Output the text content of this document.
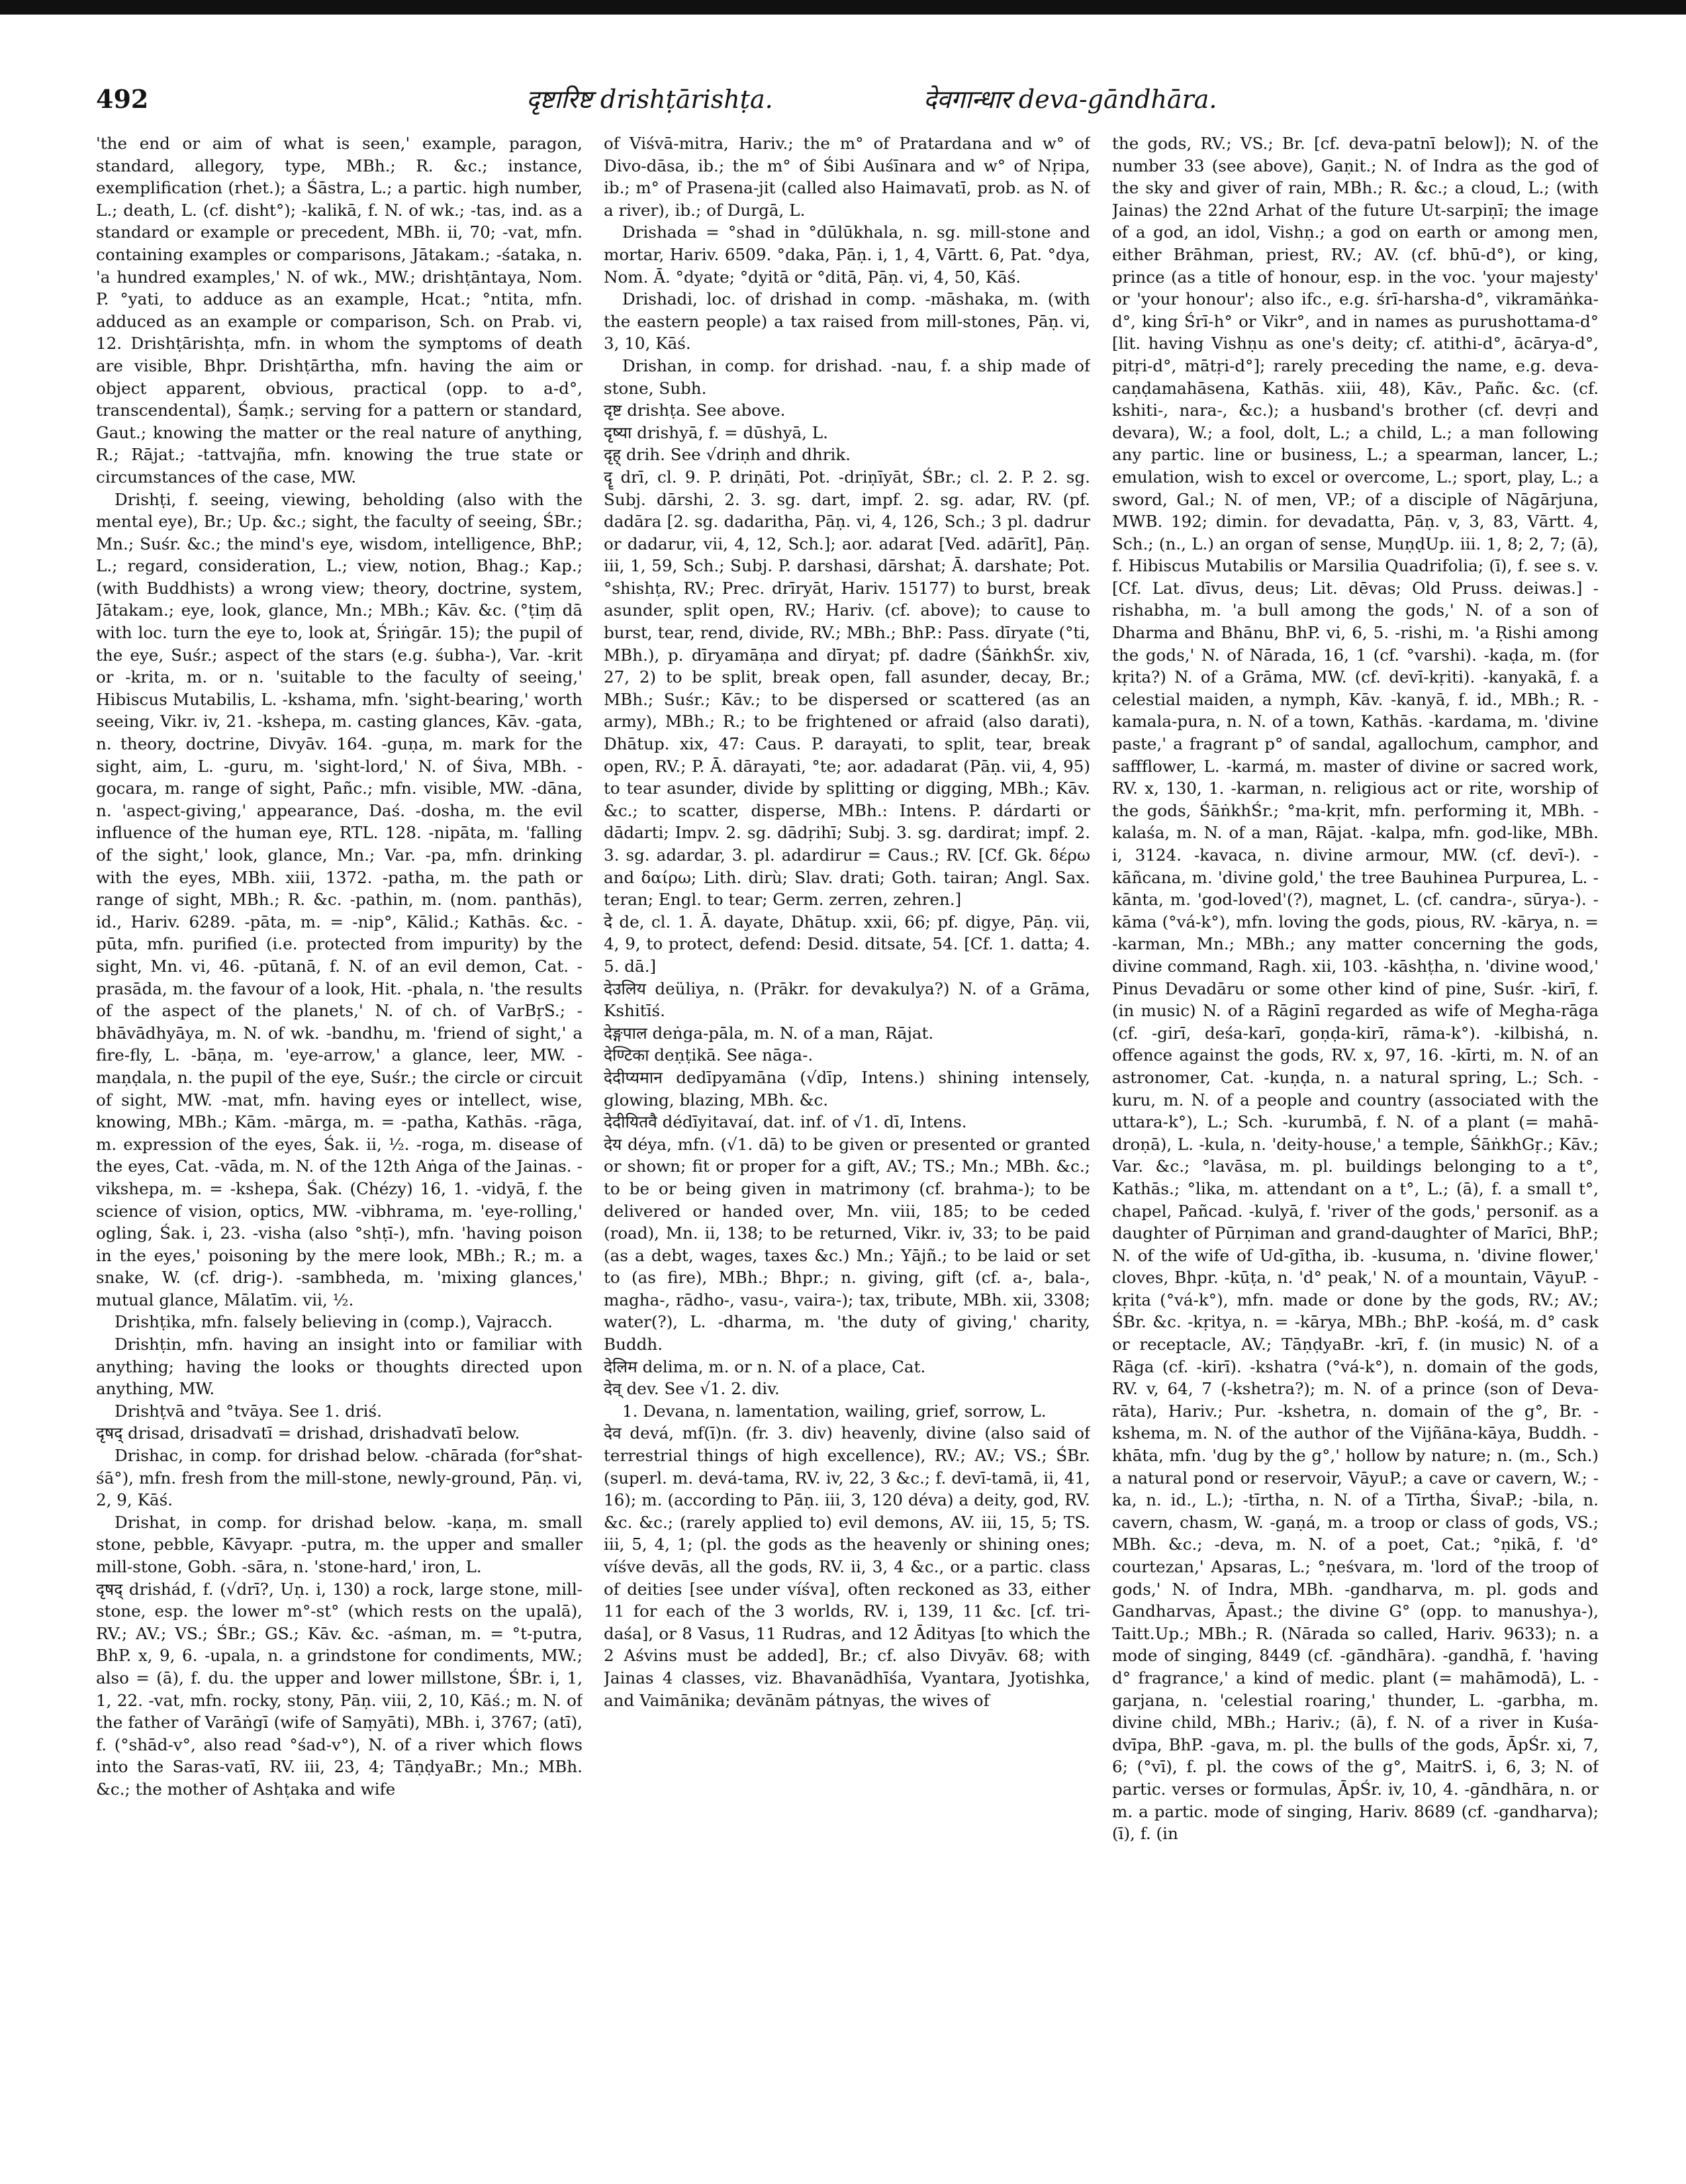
492	दृष्टारिष्ट drishṭārishṭa.	देवगान्धार deva-gāndhāra.

'the end or aim of what is seen,' example, paragon, standard, allegory, type, MBh.; R. &c.; instance, exemplification (rhet.); a Śāstra, L.; a partic. high number, L.; death, L. (cf. disht°); -kalikā, f. N. of wk.; -tas, ind. as a standard or example or precedent, MBh. ii, 70; -vat, mfn. containing examples or comparisons, Jātakam.; -śataka, n. 'a hundred examples,' N. of wk., MW.; drishṭāntaya, Nom. P. °yati, to adduce as an example, Hcat.; °ntita, mfn. adduced as an example or comparison, Sch. on Prab. vi, 12. Drishṭārishṭa, mfn. in whom the symptoms of death are visible, Bhpr. Drishṭārtha, mfn. having the aim or object apparent, obvious, practical (opp. to a-d°, transcendental), Śaṃk.; serving for a pattern or standard, Gaut.; knowing the matter or the real nature of anything, R.; Rājat.; -tattvajña, mfn. knowing the true state or circumstances of the case, MW.

Drishṭi, f. seeing, viewing, beholding (also with the mental eye), Br.; Up. &c.; sight, the faculty of seeing, ŚBr.; Mn.; Suśr. &c.; the mind's eye, wisdom, intelligence, BhP.; L.; regard, consideration, L.; view, notion, Bhag.; Kap.; (with Buddhists) a wrong view; theory, doctrine, system, Jātakam.; eye, look, glance, Mn.; MBh.; Kāv. &c. (°ṭiṃ dā with loc. turn the eye to, look at, Śṛiṅgār. 15); the pupil of the eye, Suśr.; aspect of the stars (e.g. śubha-), Var. -krit or -krita, m. or n. 'suitable to the faculty of seeing,' Hibiscus Mutabilis, L. -kshama, mfn. 'sight-bearing,' worth seeing, Vikr. iv, 21. -kshepa, m. casting glances, Kāv. -gata, n. theory, doctrine, Divyāv. 164. -guṇa, m. mark for the sight, aim, L. -guru, m. 'sight-lord,' N. of Śiva, MBh. -gocara, m. range of sight, Pañc.; mfn. visible, MW. -dāna, n. 'aspect-giving,' appearance, Daś. -dosha, m. the evil influence of the human eye, RTL. 128. -nipāta, m. 'falling of the sight,' look, glance, Mn.; Var. -pa, mfn. drinking with the eyes, MBh. xiii, 1372. -patha, m. the path or range of sight, MBh.; R. &c. -pathin, m. (nom. panthās), id., Hariv. 6289. -pāta, m. = -nip°, Kālid.; Kathās. &c. -pūta, mfn. purified (i.e. protected from impurity) by the sight, Mn. vi, 46. -pūtanā, f. N. of an evil demon, Cat. -prasāda, m. the favour of a look, Hit. -phala, n. 'the results of the aspect of the planets,' N. of ch. of VarBṛS.; -bhāvādhyāya, m. N. of wk. -bandhu, m. 'friend of sight,' a fire-fly, L. -bāṇa, m. 'eye-arrow,' a glance, leer, MW. -maṇḍala, n. the pupil of the eye, Suśr.; the circle or circuit of sight, MW. -mat, mfn. having eyes or intellect, wise, knowing, MBh.; Kām. -mārga, m. = -patha, Kathās. -rāga, m. expression of the eyes, Śak. ii, ½. -roga, m. disease of the eyes, Cat. -vāda, m. N. of the 12th Aṅga of the Jainas. -vikshepa, m. = -kshepa, Śak. (Chézy) 16, 1. -vidyā, f. the science of vision, optics, MW. -vibhrama, m. 'eye-rolling,' ogling, Śak. i, 23. -visha (also °shṭī-), mfn. 'having poison in the eyes,' poisoning by the mere look, MBh.; R.; m. a snake, W. (cf. drig-). -sambheda, m. 'mixing glances,' mutual glance, Mālatīm. vii, ½.

Drishṭika, mfn. falsely believing in (comp.), Vajracch.

Drishṭin, mfn. having an insight into or familiar with anything; having the looks or thoughts directed upon anything, MW.

Drishṭvā and °tvāya. See 1. driś.

दृषद् drisad, drisadvatī = drishad, drishadvatī below.

Drishac, in comp. for drishad below. -chārada (for°shat-śā°), mfn. fresh from the mill-stone, newly-ground, Pāṇ. vi, 2, 9, Kāś.

Drishat, in comp. for drishad below. -kaṇa, m. small stone, pebble, Kāvyapr. -putra, m. the upper and smaller mill-stone, Gobh. -sāra, n. 'stone-hard,' iron, L.

दृषद् drishád, f. (√drī?, Uṇ. i, 130) a rock, large stone, mill-stone, esp. the lower m°-st° (which rests on the upalā), RV.; AV.; VS.; ŚBr.; GS.; Kāv. &c. -aśman, m. = °t-putra, BhP. x, 9, 6. -upala, n. a grindstone for condiments, MW.; also = (ā), f. du. the upper and lower millstone, ŚBr. i, 1, 1, 22. -vat, mfn. rocky, stony, Pāṇ. viii, 2, 10, Kāś.; m. N. of the father of Varāṅgī (wife of Saṃyāti), MBh. i, 3767; (atī), f. (°shād-v°, also read °śad-v°), N. of a river which flows into the Saras-vatī, RV. iii, 23, 4; TāṇḍyaBr.; Mn.; MBh. &c.; the mother of Ashṭaka and wife

of Viśvā-mitra, Hariv.; the m° of Pratardana and w° of Divo-dāsa, ib.; the m° of Śibi Auśīnara and w° of Nṛipa, ib.; m° of Prasena-jit (called also Haimavatī, prob. as N. of a river), ib.; of Durgā, L.

Drishada = °shad in °dūlūkhala, n. sg. mill-stone and mortar, Hariv. 6509. °daka, Pāṇ. i, 1, 4, Vārtt. 6, Pat. °dya, Nom. Ā. °dyate; °dyitā or °ditā, Pāṇ. vi, 4, 50, Kāś.

Drishadi, loc. of drishad in comp. -māshaka, m. (with the eastern people) a tax raised from mill-stones, Pāṇ. vi, 3, 10, Kāś.

Drishan, in comp. for drishad. -nau, f. a ship made of stone, Subh.

दृष्ट drishṭa. See above.

दृष्या drishyā, f. = dūshyā, L.

दृह् drih. See √driṇh and dhrik.

दॄ drī, cl. 9. P. driṇāti, Pot. -driṇīyāt, ŚBr.; cl. 2. P. 2. sg. Subj. dārshi, 2. 3. sg. dart, impf. 2. sg. adar, RV. (pf. dadāra [2. sg. dadaritha, Pāṇ. vi, 4, 126, Sch.; 3 pl. dadrur or dadarur, vii, 4, 12, Sch.]; aor. adarat [Ved. adārīt], Pāṇ. iii, 1, 59, Sch.; Subj. P. darshasi, dārshat; Ā. darshate; Pot. °shishṭa, RV.; Prec. drīryāt, Hariv. 15177) to burst, break asunder, split open, RV.; Hariv. (cf. above); to cause to burst, tear, rend, divide, RV.; MBh.; BhP.: Pass. dīryate (°ti, MBh.), p. dīryamāṇa and dīryat; pf. dadre (ŚāṅkhŚr. xiv, 27, 2) to be split, break open, fall asunder, decay, Br.; MBh.; Suśr.; Kāv.; to be dispersed or scattered (as an army), MBh.; R.; to be frightened or afraid (also darati), Dhātup. xix, 47: Caus. P. darayati, to split, tear, break open, RV.; P. Ā. dārayati, °te; aor. adadarat (Pāṇ. vii, 4, 95) to tear asunder, divide by splitting or digging, MBh.; Kāv. &c.; to scatter, disperse, MBh.: Intens. P. dárdarti or dādarti; Impv. 2. sg. dādṛihī; Subj. 3. sg. dardirat; impf. 2. 3. sg. adardar, 3. pl. adardirur = Caus.; RV. [Cf. Gk. δέρω and δαίρω; Lith. dirù; Slav. drati; Goth. tairan; Angl. Sax. teran; Engl. to tear; Germ. zerren, zehren.]

दे de, cl. 1. Ā. dayate, Dhātup. xxii, 66; pf. digye, Pāṇ. vii, 4, 9, to protect, defend: Desid. ditsate, 54. [Cf. 1. datta; 4. 5. dā.]

देउलिय deüliya, n. (Prākr. for devakulya?) N. of a Grāma, Kshitīś.

देङ्गपाल deṅga-pāla, m. N. of a man, Rājat.

देण्टिका deṇṭikā. See nāga-.

देदीप्यमान dedīpyamāna (√dīp, Intens.) shining intensely, glowing, blazing, MBh. &c.

देदीयितवै dédīyitavaí, dat. inf. of √1. dī, Intens.

देय déya, mfn. (√1. dā) to be given or presented or granted or shown; fit or proper for a gift, AV.; TS.; Mn.; MBh. &c.; to be or being given in matrimony (cf. brahma-); to be delivered or handed over, Mn. viii, 185; to be ceded (road), Mn. ii, 138; to be returned, Vikr. iv, 33; to be paid (as a debt, wages, taxes &c.) Mn.; Yājñ.; to be laid or set to (as fire), MBh.; Bhpr.; n. giving, gift (cf. a-, bala-, magha-, rādho-, vasu-, vaira-); tax, tribute, MBh. xii, 3308; water(?), L. -dharma, m. 'the duty of giving,' charity, Buddh.

देलिम delima, m. or n. N. of a place, Cat.

देव् dev. See √1. 2. div.

1. Devana, n. lamentation, wailing, grief, sorrow, L.

देव devá, mf(ī)n. (fr. 3. div) heavenly, divine (also said of terrestrial things of high excellence), RV.; AV.; VS.; ŚBr. (superl. m. devá-tama, RV. iv, 22, 3 &c.; f. devī-tamā, ii, 41, 16); m. (according to Pāṇ. iii, 3, 120 déva) a deity, god, RV. &c. &c.; (rarely applied to) evil demons, AV. iii, 15, 5; TS. iii, 5, 4, 1; (pl. the gods as the heavenly or shining ones; víśve devās, all the gods, RV. ii, 3, 4 &c., or a partic. class of deities [see under víśva], often reckoned as 33, either 11 for each of the 3 worlds, RV. i, 139, 11 &c. [cf. tri-daśa], or 8 Vasus, 11 Rudras, and 12 Ādityas [to which the 2 Aśvins must be added], Br.; cf. also Divyāv. 68; with Jainas 4 classes, viz. Bhavanādhīśa, Vyantara, Jyotishka, and Vaimānika; devānām pátnyas, the wives of

the gods, RV.; VS.; Br. [cf. deva-patnī below]); N. of the number 33 (see above), Gaṇit.; N. of Indra as the god of the sky and giver of rain, MBh.; R. &c.; a cloud, L.; (with Jainas) the 22nd Arhat of the future Ut-sarpiṇī; the image of a god, an idol, Vishṇ.; a god on earth or among men, either Brāhman, priest, RV.; AV. (cf. bhū-d°), or king, prince (as a title of honour, esp. in the voc. 'your majesty' or 'your honour'; also ifc., e.g. śrī-harsha-d°, vikramāṅka-d°, king Śrī-h° or Vikr°, and in names as purushottama-d° [lit. having Vishṇu as one's deity; cf. atithi-d°, ācārya-d°, pitṛi-d°, mātṛi-d°]; rarely preceding the name, e.g. deva-caṇḍamahāsena, Kathās. xiii, 48), Kāv., Pañc. &c. (cf. kshiti-, nara-, &c.); a husband's brother (cf. devṛi and devara), W.; a fool, dolt, L.; a child, L.; a man following any partic. line or business, L.; a spearman, lancer, L.; emulation, wish to excel or overcome, L.; sport, play, L.; a sword, Gal.; N. of men, VP.; of a disciple of Nāgārjuna, MWB. 192; dimin. for devadatta, Pāṇ. v, 3, 83, Vārtt. 4, Sch.; (n., L.) an organ of sense, MuṇḍUp. iii. 1, 8; 2, 7; (ā), f. Hibiscus Mutabilis or Marsilia Quadrifolia; (ī), f. see s. v. [Cf. Lat. dīvus, deus; Lit. dēvas; Old Pruss. deiwas.] -rishabha, m. 'a bull among the gods,' N. of a son of Dharma and Bhānu, BhP. vi, 6, 5. -rishi, m. 'a Ṛishi among the gods,' N. of Nārada, 16, 1 (cf. °varshi). -kaḍa, m. (for kṛita?) N. of a Grāma, MW. (cf. devī-kṛiti). -kanyakā, f. a celestial maiden, a nymph, Kāv. -kanyā, f. id., MBh.; R. -kamala-pura, n. N. of a town, Kathās. -kardama, m. 'divine paste,' a fragrant p° of sandal, agallochum, camphor, and saffflower, L. -karmá, m. master of divine or sacred work, RV. x, 130, 1. -karman, n. religious act or rite, worship of the gods, ŚāṅkhŚr.; °ma-kṛit, mfn. performing it, MBh. -kalaśa, m. N. of a man, Rājat. -kalpa, mfn. god-like, MBh. i, 3124. -kavaca, n. divine armour, MW. (cf. devī-). -kāñcana, m. 'divine gold,' the tree Bauhinea Purpurea, L. -kānta, m. 'god-loved'(?), magnet, L. (cf. candra-, sūrya-). -kāma (°vá-k°), mfn. loving the gods, pious, RV. -kārya, n. = -karman, Mn.; MBh.; any matter concerning the gods, divine command, Ragh. xii, 103. -kāshṭha, n. 'divine wood,' Pinus Devadāru or some other kind of pine, Suśr. -kirī, f. (in music) N. of a Rāginī regarded as wife of Megha-rāga (cf. -girī, deśa-karī, goṇḍa-kirī, rāma-k°). -kilbishá, n. offence against the gods, RV. x, 97, 16. -kīrti, m. N. of an astronomer, Cat. -kuṇḍa, n. a natural spring, L.; Sch. -kuru, m. N. of a people and country (associated with the uttara-k°), L.; Sch. -kurumbā, f. N. of a plant (= mahā-droṇā), L. -kula, n. 'deity-house,' a temple, ŚāṅkhGṛ.; Kāv.; Var. &c.; °lavāsa, m. pl. buildings belonging to a t°, Kathās.; °lika, m. attendant on a t°, L.; (ā), f. a small t°, chapel, Pañcad. -kulyā, f. 'river of the gods,' personif. as a daughter of Pūrṇiman and grand-daughter of Marīci, BhP.; N. of the wife of Ud-gītha, ib. -kusuma, n. 'divine flower,' cloves, Bhpr. -kūṭa, n. 'd° peak,' N. of a mountain, VāyuP. -kṛita (°vá-k°), mfn. made or done by the gods, RV.; AV.; ŚBr. &c. -kṛitya, n. = -kārya, MBh.; BhP. -kośá, m. d° cask or receptacle, AV.; TāṇḍyaBr. -krī, f. (in music) N. of a Rāga (cf. -kirī). -kshatra (°vá-k°), n. domain of the gods, RV. v, 64, 7 (-kshetra?); m. N. of a prince (son of Deva-rāta), Hariv.; Pur. -kshetra, n. domain of the g°, Br. -kshema, m. N. of the author of the Vijñāna-kāya, Buddh. -khāta, mfn. 'dug by the g°,' hollow by nature; n. (m., Sch.) a natural pond or reservoir, VāyuP.; a cave or cavern, W.; -ka, n. id., L.); -tīrtha, n. N. of a Tīrtha, ŚivaP.; -bila, n. cavern, chasm, W. -gaṇá, m. a troop or class of gods, VS.; MBh. &c.; -deva, m. N. of a poet, Cat.; °ṇikā, f. 'd° courtezan,' Apsaras, L.; °ṇeśvara, m. 'lord of the troop of gods,' N. of Indra, MBh. -gandharva, m. pl. gods and Gandharvas, Āpast.; the divine G° (opp. to manushya-), Taitt.Up.; MBh.; R. (Nārada so called, Hariv. 9633); n. a mode of singing, 8449 (cf. -gāndhāra). -gandhā, f. 'having d° fragrance,' a kind of medic. plant (= mahāmodā), L. -garjana, n. 'celestial roaring,' thunder, L. -garbha, m. divine child, MBh.; Hariv.; (ā), f. N. of a river in Kuśa-dvīpa, BhP. -gava, m. pl. the bulls of the gods, ĀpŚr. xi, 7, 6; (°vī), f. pl. the cows of the g°, MaitrS. i, 6, 3; N. of partic. verses or formulas, ĀpŚr. iv, 10, 4. -gāndhāra, n. or m. a partic. mode of singing, Hariv. 8689 (cf. -gandharva); (ī), f. (in
